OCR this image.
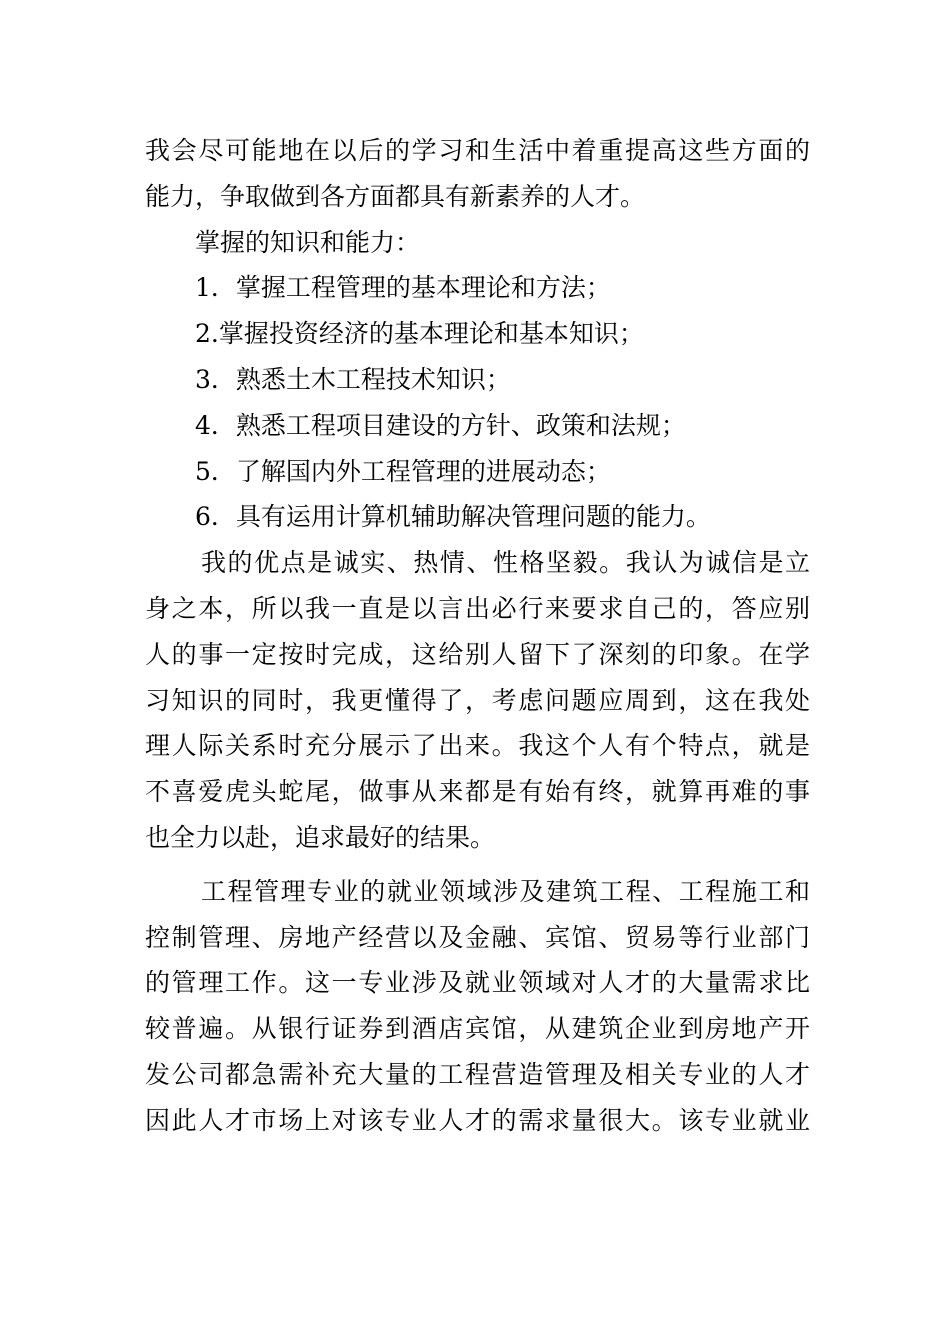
我会尽可能地在以后的学习和生活中着重提高这些方面的
能力，争取做到各方面都具有新素养的人才。
掌握的知识和能力：
1．掌握工程管理的基本理论和方法；
2.掌握投资经济的基本理论和基本知识；
3．熟悉土木工程技术知识；
4．熟悉工程项目建设的方针、政策和法规；
5．了解国内外工程管理的进展动态；
6．具有运用计算机辅助解决管理问题的能力。
我的优点是诚实、热情、性格坚毅。我认为诚信是立
身之本，所以我一直是以言出必行来要求自己的，答应别
人的事一定按时完成，这给别人留下了深刻的印象。在学
习知识的同时，我更懂得了，考虑问题应周到，这在我处
理人际关系时充分展示了出来。我这个人有个特点，就是
不喜爱虎头蛇尾，做事从来都是有始有终，就算再难的事
也全力以赴，追求最好的结果。
工程管理专业的就业领域涉及建筑工程、工程施工和
控制管理、房地产经营以及金融、宾馆、贸易等行业部门
的管理工作。这一专业涉及就业领域对人才的大量需求比
较普遍。从银行证券到酒店宾馆，从建筑企业到房地产开
发公司都急需补充大量的工程营造管理及相关专业的人才
因此人才市场上对该专业人才的需求量很大。该专业就业
